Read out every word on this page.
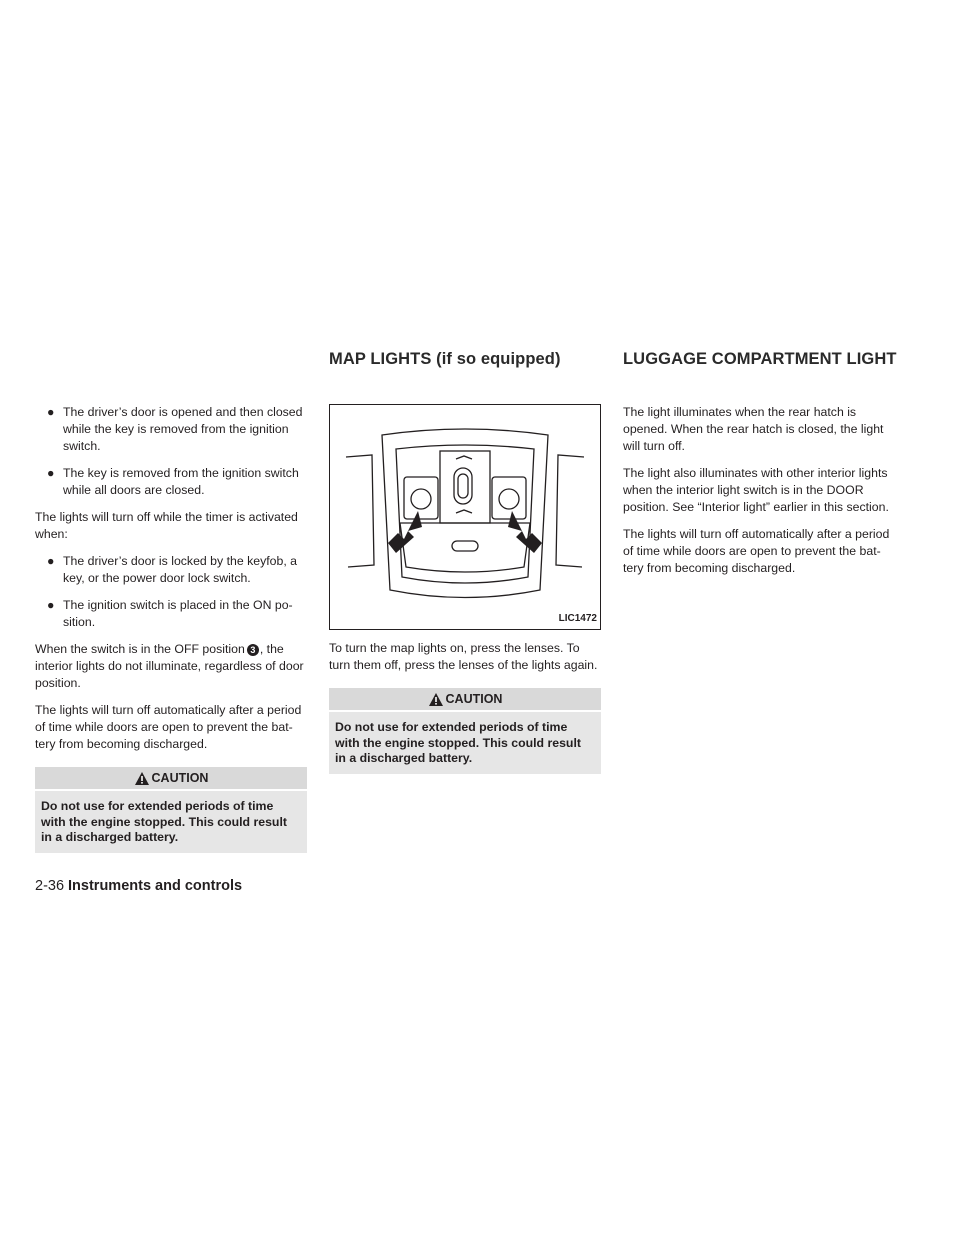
MAP LIGHTS (if so equipped)	LUGGAGE COMPARTMENT LIGHT
● The driver’s door is opened and then closed while the key is removed from the ignition switch.
● The key is removed from the ignition switch while all doors are closed.

The lights will turn off while the timer is activated when:

● The driver’s door is locked by the keyfob, a key, or the power door lock switch.
● The ignition switch is placed in the ON po-sition.

When the switch is in the OFF position 3 , the interior lights do not illuminate, regardless of door position.

The lights will turn off automatically after a period of time while doors are open to prevent the bat-tery from becoming discharged.

CAUTION
Do not use for extended periods of time with the engine stopped. This could result in a discharged battery.
LIC1472

To turn the map lights on, press the lenses. To turn them off, press the lenses of the lights again.

CAUTION
Do not use for extended periods of time with the engine stopped. This could result in a discharged battery.

The light illuminates when the rear hatch is opened. When the rear hatch is closed, the light will turn off.

The light also illuminates with other interior lights when the interior light switch is in the DOOR position. See “Interior light” earlier in this section.

The lights will turn off automatically after a period of time while doors are open to prevent the bat-tery from becoming discharged.

2-36 Instruments and controls
